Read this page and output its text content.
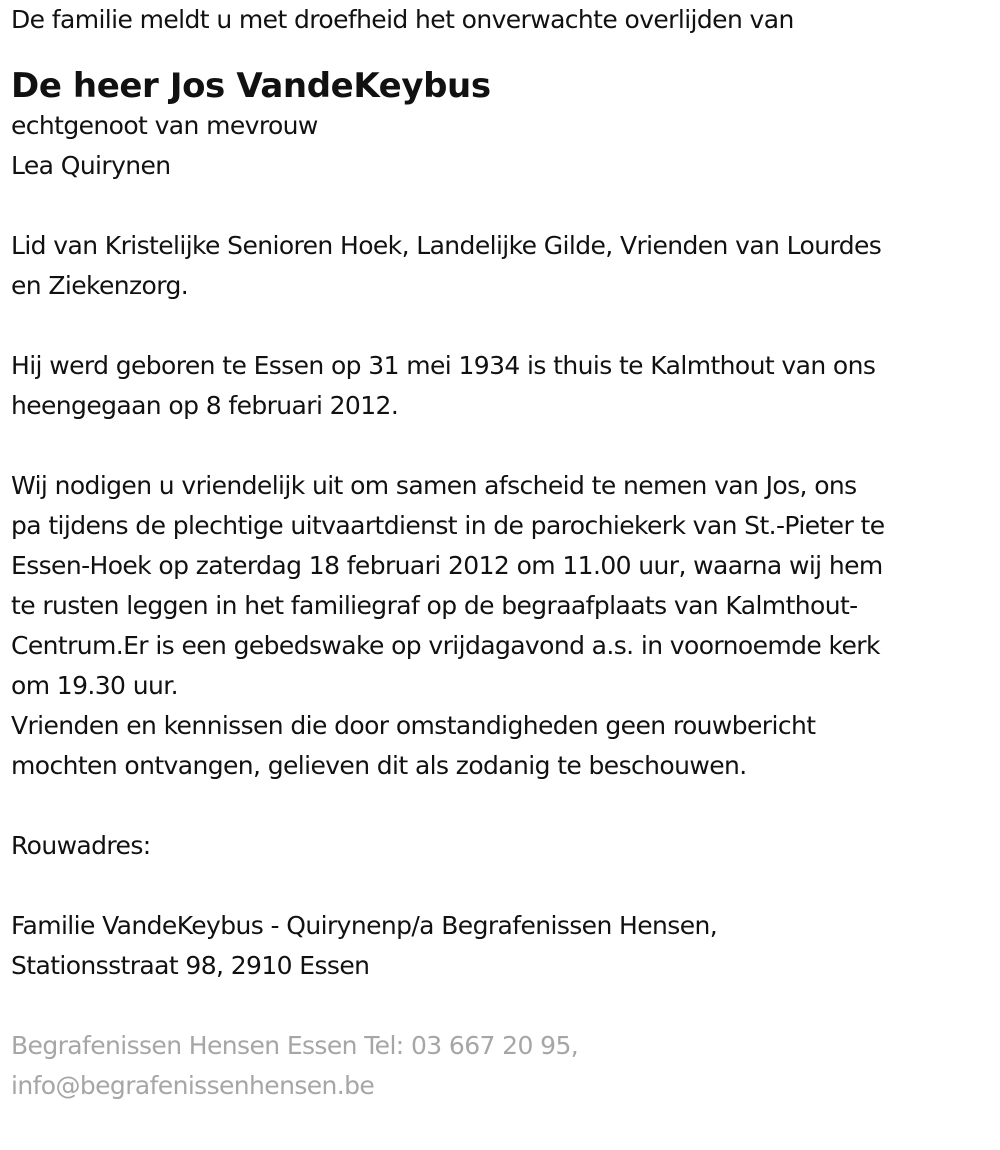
De familie meldt u met droefheid het onverwachte overlijden van
De heer Jos VandeKeybus
echtgenoot van mevrouw
Lea Quirynen
Lid van Kristelijke Senioren Hoek, Landelijke Gilde, Vrienden van Lourdes
en Ziekenzorg.
Hij werd geboren te Essen op 31 mei 1934 is thuis te Kalmthout van ons
heengegaan op 8 februari 2012.
Wij nodigen u vriendelijk uit om samen afscheid te nemen van Jos, ons
pa tijdens de plechtige uitvaartdienst in de parochiekerk van St.-Pieter te
Essen-Hoek op zaterdag 18 februari 2012 om 11.00 uur, waarna wij hem
te rusten leggen in het familiegraf op de begraafplaats van Kalmthout-
Centrum.Er is een gebedswake op vrijdagavond a.s. in voornoemde kerk
om 19.30 uur.
Vrienden en kennissen die door omstandigheden geen rouwbericht
mochten ontvangen, gelieven dit als zodanig te beschouwen.
Rouwadres:
Familie VandeKeybus - Quirynenp/a Begrafenissen Hensen,
Stationsstraat 98, 2910 Essen
Begrafenissen Hensen Essen Tel: 03 667 20 95,
info@begrafenissenhensen.be
